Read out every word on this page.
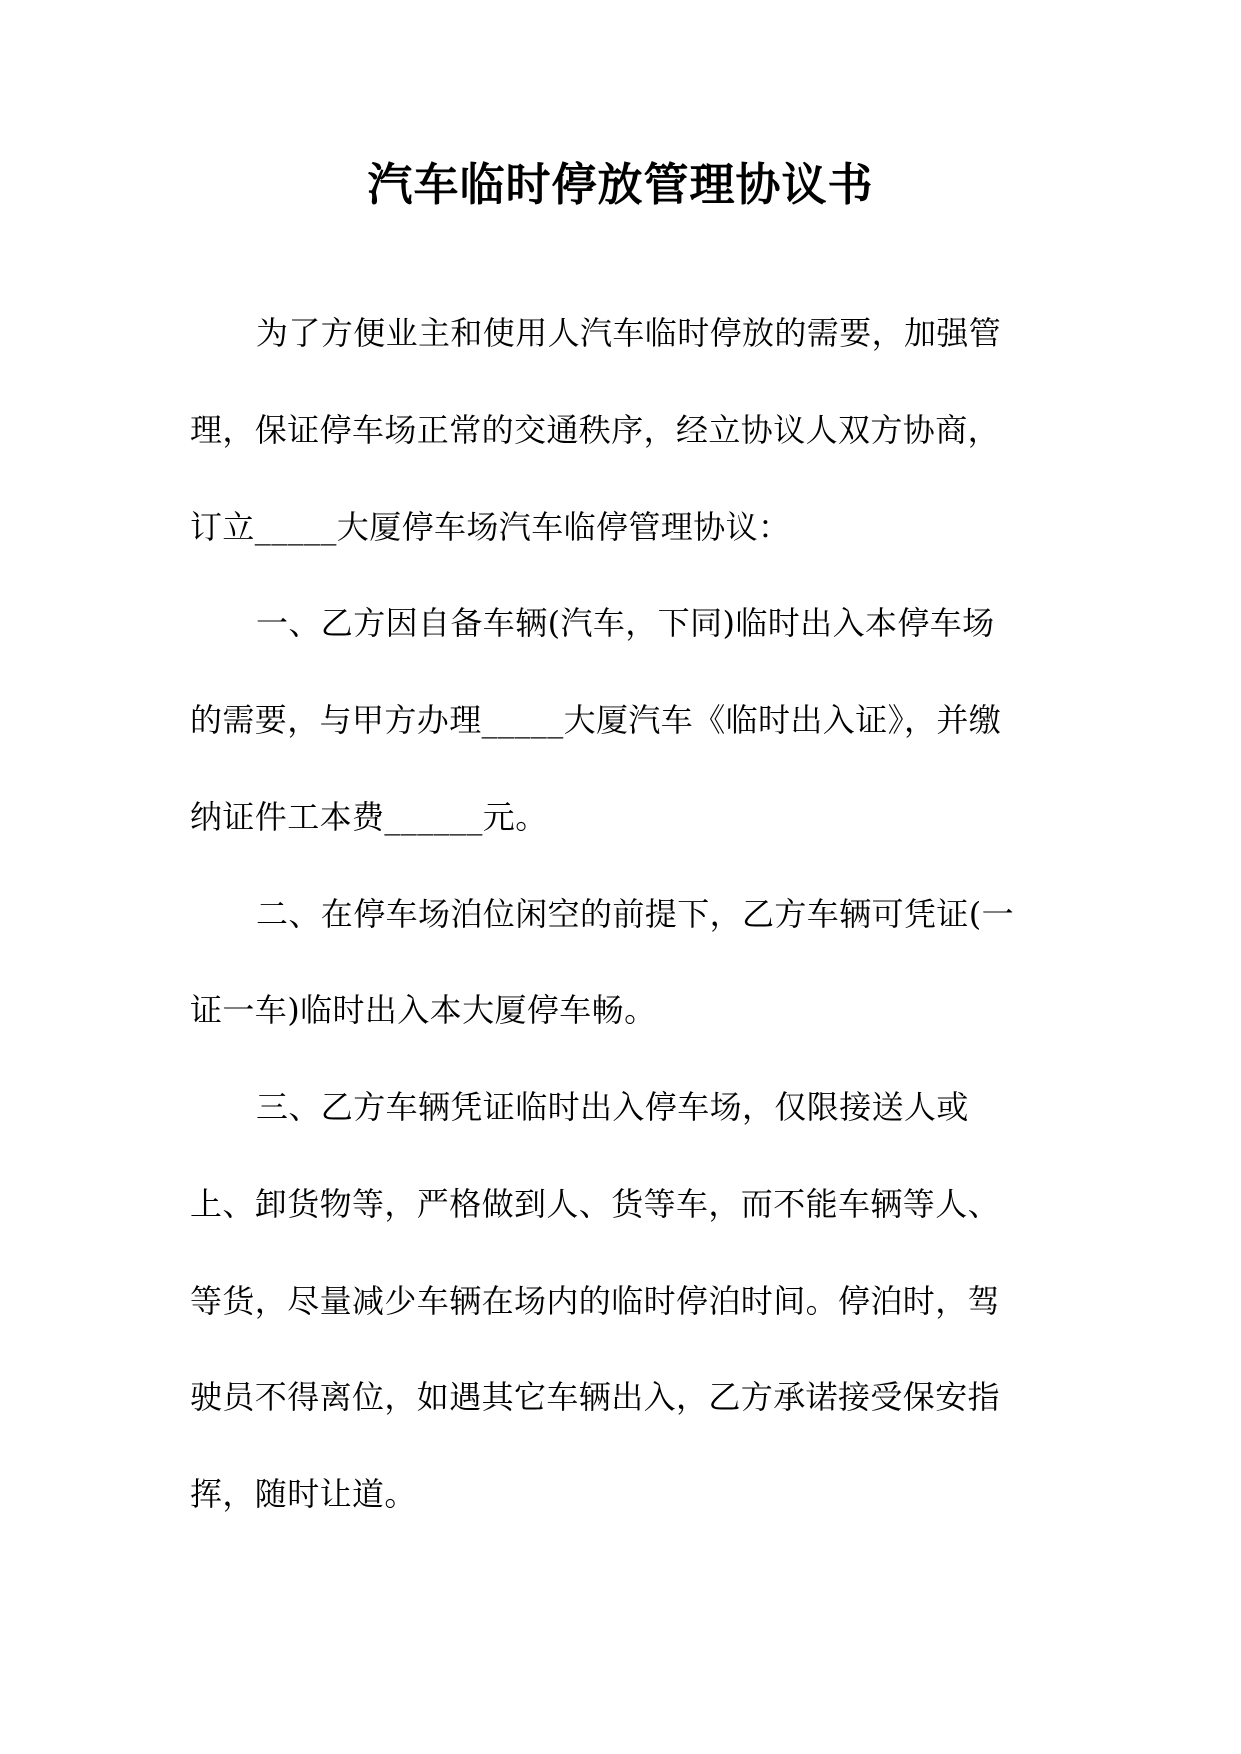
汽车临时停放管理协议书
为了方便业主和使用人汽车临时停放的需要，加强管
理，保证停车场正常的交通秩序，经立协议人双方协商，
订立_____大厦停车场汽车临停管理协议：
一、乙方因自备车辆(汽车，下同)临时出入本停车场
的需要，与甲方办理_____大厦汽车《临时出入证》，并缴
纳证件工本费______元。
二、在停车场泊位闲空的前提下，乙方车辆可凭证(一
证一车)临时出入本大厦停车畅。
三、乙方车辆凭证临时出入停车场，仅限接送人或
上、卸货物等，严格做到人、货等车，而不能车辆等人、
等货，尽量减少车辆在场内的临时停泊时间。停泊时，驾
驶员不得离位，如遇其它车辆出入，乙方承诺接受保安指
挥，随时让道。
